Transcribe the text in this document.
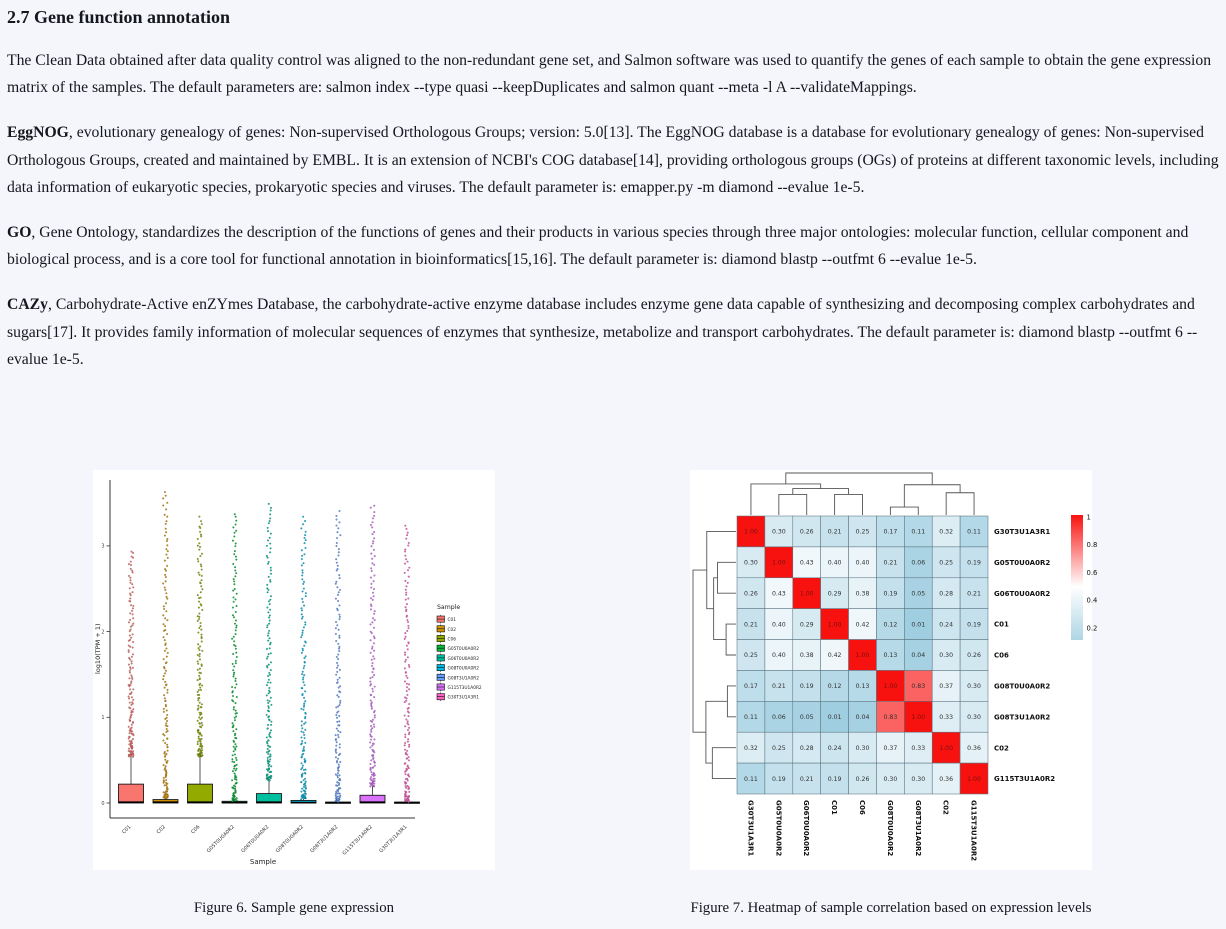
2.7 Gene function annotation

The Clean Data obtained after data quality control was aligned to the non-redundant gene set, and Salmon software was used to quantify the genes of each sample to obtain the gene expression matrix of the samples. The default parameters are: salmon index --type quasi --keepDuplicates and salmon quant --meta -l A --validateMappings.

EggNOG, evolutionary genealogy of genes: Non-supervised Orthologous Groups; version: 5.0[13]. The EggNOG database is a database for evolutionary genealogy of genes: Non-supervised Orthologous Groups, created and maintained by EMBL. It is an extension of NCBI's COG database[14], providing orthologous groups (OGs) of proteins at different taxonomic levels, including data information of eukaryotic species, prokaryotic species and viruses. The default parameter is: emapper.py -m diamond --evalue 1e-5.

GO, Gene Ontology, standardizes the description of the functions of genes and their products in various species through three major ontologies: molecular function, cellular component and biological process, and is a core tool for functional annotation in bioinformatics[15,16]. The default parameter is: diamond blastp --outfmt 6 --evalue 1e-5.

CAZy, Carbohydrate-Active enZYmes Database, the carbohydrate-active enzyme database includes enzyme gene data capable of synthesizing and decomposing complex carbohydrates and sugars[17]. It provides family information of molecular sequences of enzymes that synthesize, metabolize and transport carbohydrates. The default parameter is: diamond blastp --outfmt 6 --evalue 1e-5.

0
1
2
3
log10(TPM + 1)
C01	C02	C06 G05T0U0A0R2 G06T0U0A0R2 G08T0U0A0R2 G08T3U1A0R2 G115T3U1A0R2 G30T3U1A3R1
Sample
Sample
C01
C02
C06
G05T0U0A0R2
G06T0U0A0R2
G08T0U0A0R2
G08T3U1A0R2
G115T3U1A0R2
G30T3U1A3R1
1.00 0.30 0.26 0.21 0.25 0.17 0.11 0.32 0.11
0.30 1.00 0.43 0.40 0.40 0.21 0.06 0.25 0.19
0.26 0.43 1.00 0.29 0.38 0.19 0.05 0.28 0.21
0.21 0.40 0.29 1.00 0.42 0.12 0.01 0.24 0.19
0.25 0.40 0.38 0.42 1.00 0.13 0.04 0.30 0.26
0.17 0.21 0.19 0.12 0.13 1.00 0.83 0.37 0.30
0.11 0.06 0.05 0.01 0.04 0.83 1.00 0.33 0.30
0.32 0.25 0.28 0.24 0.30 0.37 0.33 1.00 0.36
0.11 0.19 0.21 0.19 0.26 0.30 0.30 0.36 1.00
G30T3U1A3R1
G05T0U0A0R2
G06T0U0A0R2
C01
C06
G08T0U0A0R2
G08T3U1A0R2
C02
G115T3U1A0R2
G30T3U1A3R1	G05T0U0A0R2	G06T0U0A0R2	C01	C06	G08T0U0A0R2	G08T3U1A0R2	C02	G115T3U1A0R2
1
0.8
0.6
0.4
0.2
Figure 6. Sample gene expression	Figure 7. Heatmap of sample correlation based on expression levels
